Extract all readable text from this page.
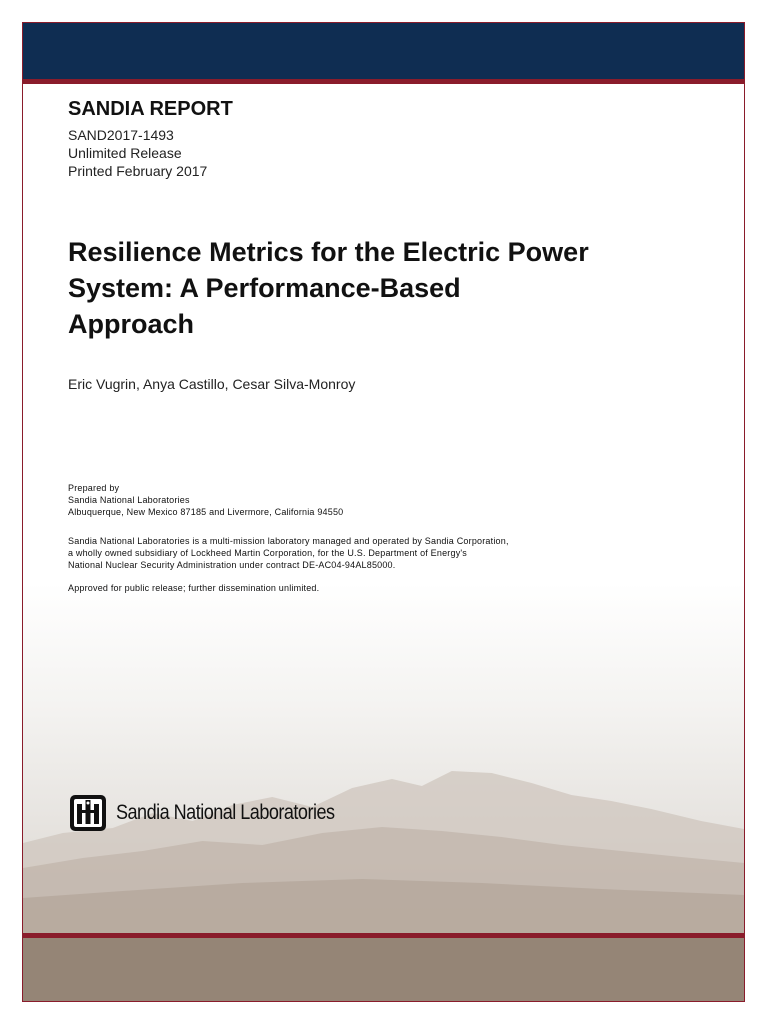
SANDIA REPORT
SAND2017-1493
Unlimited Release
Printed February 2017
Resilience Metrics for the Electric Power
System: A Performance-Based
Approach
Eric Vugrin, Anya Castillo, Cesar Silva-Monroy
Prepared by
Sandia National Laboratories
Albuquerque, New Mexico 87185 and Livermore, California 94550
Sandia National Laboratories is a multi-mission laboratory managed and operated by Sandia Corporation,
a wholly owned subsidiary of Lockheed Martin Corporation, for the U.S. Department of Energy's
National Nuclear Security Administration under contract DE-AC04-94AL85000.
Approved for public release; further dissemination unlimited.
Sandia National Laboratories
